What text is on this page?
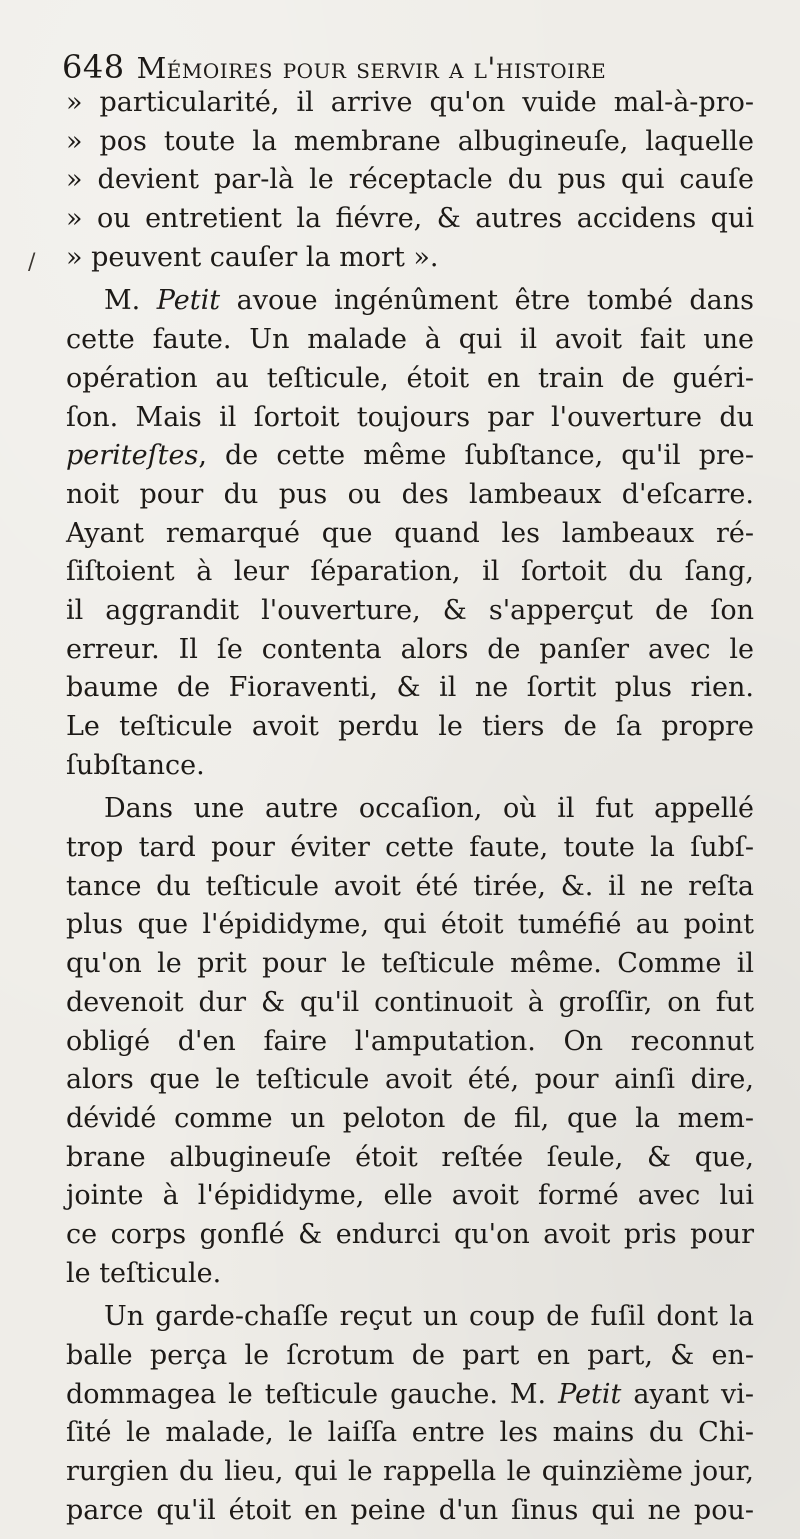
648 Mémoires pour servir a l'histoire
» particularité, il arrive qu'on vuide mal-à-pro-
» pos toute la membrane albugineuſe, laquelle
» devient par-là le réceptacle du pus qui cauſe
» ou entretient la fiévre, & autres accidens qui
» peuvent cauſer la mort ».
M. Petit avoue ingénûment être tombé dans
cette faute. Un malade à qui il avoit fait une
opération au teſticule, étoit en train de guéri-
ſon. Mais il ſortoit toujours par l'ouverture du
periteſtes, de cette même ſubſtance, qu'il pre-
noit pour du pus ou des lambeaux d'eſcarre.
Ayant remarqué que quand les lambeaux ré-
ſiſtoient à leur ſéparation, il ſortoit du ſang,
il aggrandit l'ouverture, & s'apperçut de ſon
erreur. Il ſe contenta alors de panſer avec le
baume de Fioraventi, & il ne ſortit plus rien.
Le teſticule avoit perdu le tiers de ſa propre
ſubſtance.
Dans une autre occaſion, où il fut appellé
trop tard pour éviter cette faute, toute la ſubſ-
tance du teſticule avoit été tirée, &. il ne reſta
plus que l'épididyme, qui étoit tuméfié au point
qu'on le prit pour le teſticule même. Comme il
devenoit dur & qu'il continuoit à groſſir, on fut
obligé d'en faire l'amputation. On reconnut
alors que le teſticule avoit été, pour ainſi dire,
dévidé comme un peloton de fil, que la mem-
brane albugineuſe étoit reſtée ſeule, & que,
jointe à l'épididyme, elle avoit formé avec lui
ce corps gonflé & endurci qu'on avoit pris pour
le teſticule.
Un garde-chaſſe reçut un coup de fuſil dont la
balle perça le ſcrotum de part en part, & en-
dommagea le teſticule gauche. M. Petit ayant vi-
ſité le malade, le laiſſa entre les mains du Chi-
rurgien du lieu, qui le rappella le quinzième jour,
parce qu'il étoit en peine d'un ſinus qui ne pou-
/
